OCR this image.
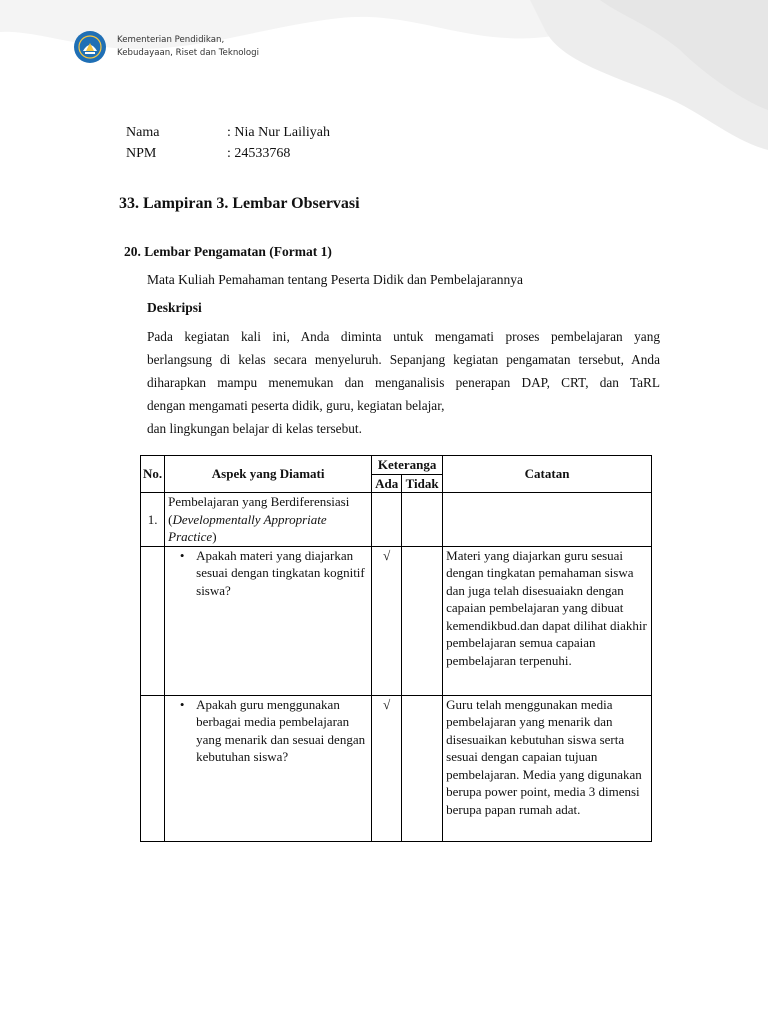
Kementerian Pendidikan,
Kebudayaan, Riset dan Teknologi
Nama	: Nia Nur Lailiyah
NPM	: 24533768
33. Lampiran 3. Lembar Observasi
20. Lembar Pengamatan (Format 1)
Mata Kuliah Pemahaman tentang Peserta Didik dan Pembelajarannya
Deskripsi
Pada kegiatan kali ini, Anda diminta untuk mengamati proses pembelajaran yang
berlangsung di kelas secara menyeluruh. Sepanjang kegiatan pengamatan tersebut, Anda
diharapkan mampu menemukan dan menganalisis penerapan DAP, CRT, dan TaRL
dengan mengamati peserta didik, guru, kegiatan belajar,
dan lingkungan belajar di kelas tersebut.
No.	Aspek yang Diamati	Keteranga		Catatan
		Ada	Tidak	
1.	Pembelajaran yang Berdiferensiasi (Developmentally Appropriate Practice)			

	• Apakah materi yang diajarkan sesuai dengan tingkatan kognitif siswa?	√		Materi yang diajarkan guru sesuai dengan tingkatan pemahaman siswa dan juga telah disesuaiakn dengan capaian pembelajaran yang dibuat kemendikbud.dan dapat dilihat diakhir pembelajaran semua capaian pembelajaran terpenuhi.

	• Apakah guru menggunakan berbagai media pembelajaran yang menarik dan sesuai dengan kebutuhan siswa?	√		Guru telah menggunakan media pembelajaran yang menarik dan disesuaikan kebutuhan siswa serta sesuai dengan capaian tujuan pembelajaran. Media yang digunakan berupa power point, media 3 dimensi berupa papan rumah adat.
